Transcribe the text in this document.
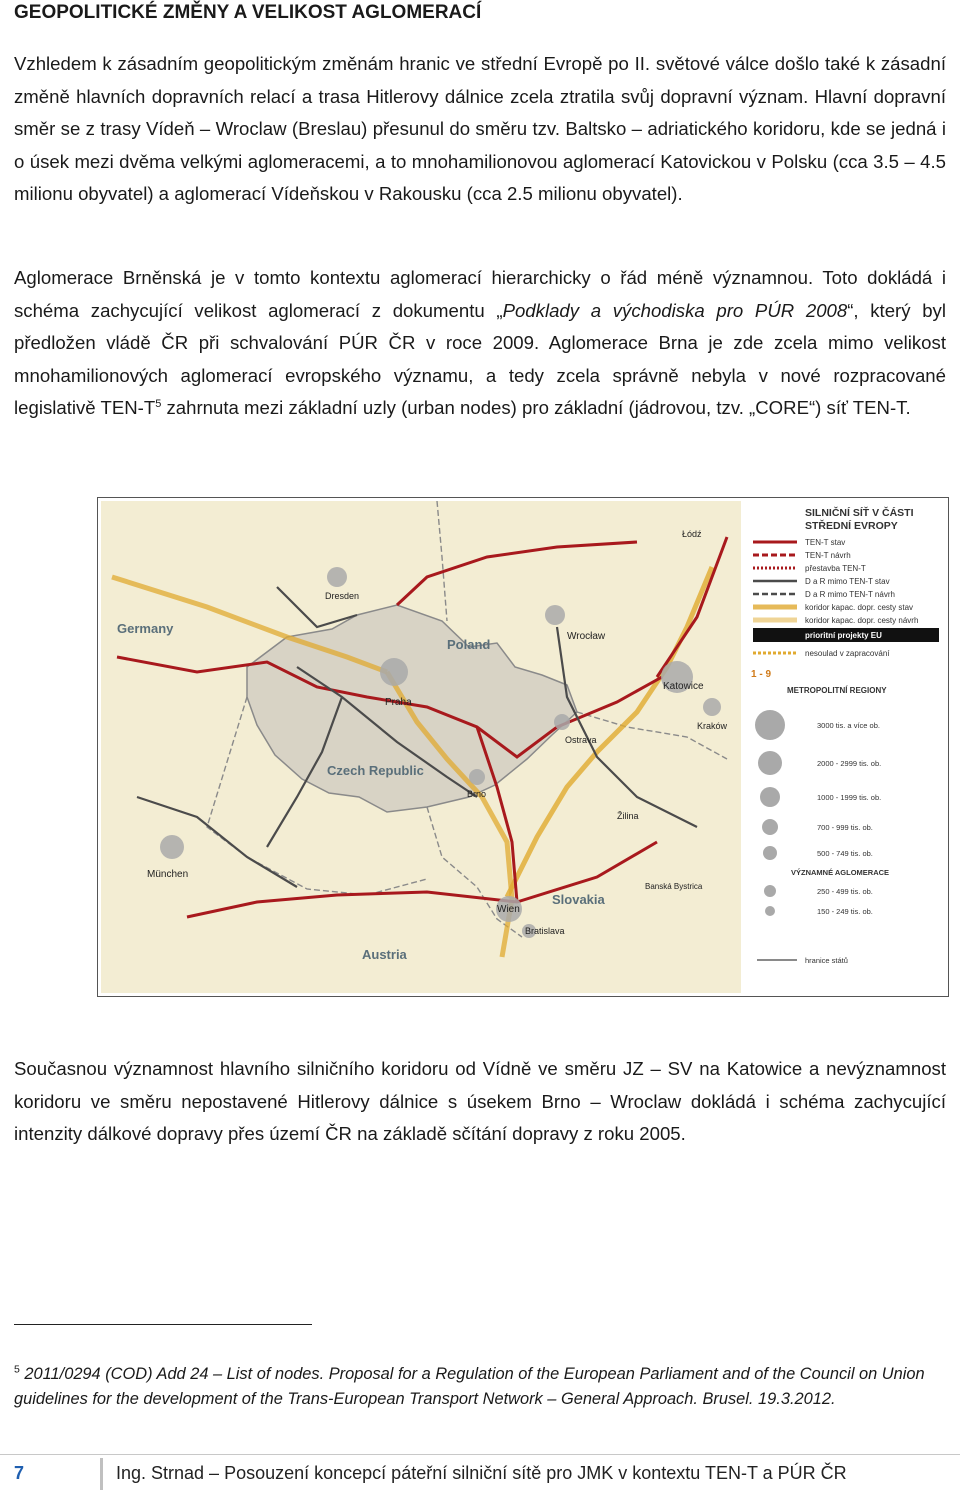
GEOPOLITICKÉ ZMĚNY A VELIKOST AGLOMERACÍ

Vzhledem k zásadním geopolitickým změnám hranic ve střední Evropě po II. světové válce došlo také k zásadní změně hlavních dopravních relací a trasa Hitlerovy dálnice zcela ztratila svůj dopravní význam. Hlavní dopravní směr se z trasy Vídeň – Wroclaw (Breslau) přesunul do směru tzv. Baltsko – adriatického koridoru, kde se jedná i o úsek mezi dvěma velkými aglomeracemi, a to mnohamilionovou aglomerací Katovickou v Polsku (cca 3.5 – 4.5 milionu obyvatel) a aglomerací Vídeňskou v Rakousku (cca 2.5 milionu obyvatel).

Aglomerace Brněnská je v tomto kontextu aglomerací hierarchicky o řád méně významnou. Toto dokládá i schéma zachycující velikost aglomerací z dokumentu „Podklady a východiska pro PÚR 2008“, který byl předložen vládě ČR při schvalování PÚR ČR v roce 2009. Aglomerace Brna je zde zcela mimo velikost mnohamilionových aglomerací evropského významu, a tedy zcela správně nebyla v nové rozpracované legislativě TEN-$T^5$ zahrnuta mezi základní uzly (urban nodes) pro základní (jádrovou, tzv. „CORE“) síť TEN-T.

Germany
Poland
Czech Republic
Slovakia
Austria
Praha
Wien
Wrocław
Katowice
Bratislava
München
Dresden
Brno
Ostrava
Kraków
Žilina
Banská Bystrica
Łódź
SILNIČNÍ SÍŤ V ČÁSTI
STŘEDNÍ EVROPY
TEN-T stav
TEN-T návrh
přestavba TEN-T
D a R mimo TEN-T stav
D a R mimo TEN-T návrh
koridor kapac. dopr. cesty stav
koridor kapac. dopr. cesty návrh
prioritní projekty EU
nesoulad v zapracování
1 - 9
METROPOLITNÍ REGIONY
3000 tis. a více ob.
2000 - 2999 tis. ob.
1000 - 1999 tis. ob.
700 - 999 tis. ob.
500 - 749 tis. ob.
VÝZNAMNÉ AGLOMERACE
250 - 499 tis. ob.
150 - 249 tis. ob.
hranice států

Současnou významnost hlavního silničního koridoru od Vídně ve směru JZ – SV na Katowice a nevýznamnost koridoru ve směru nepostavené Hitlerovy dálnice s úsekem Brno – Wroclaw dokládá i schéma zachycující intenzity dálkové dopravy přes území ČR na základě sčítání dopravy z roku 2005.

$^5$ 2011/0294 (COD) Add 24 – List of nodes. Proposal for a Regulation of the European Parliament and of the Council on Union guidelines for the development of the Trans-European Transport Network – General Approach. Brusel. 19.3.2012.

7	Ing. Strnad – Posouzení koncepcí páteřní silniční sítě pro JMK v kontextu TEN-T a PÚR ČR
